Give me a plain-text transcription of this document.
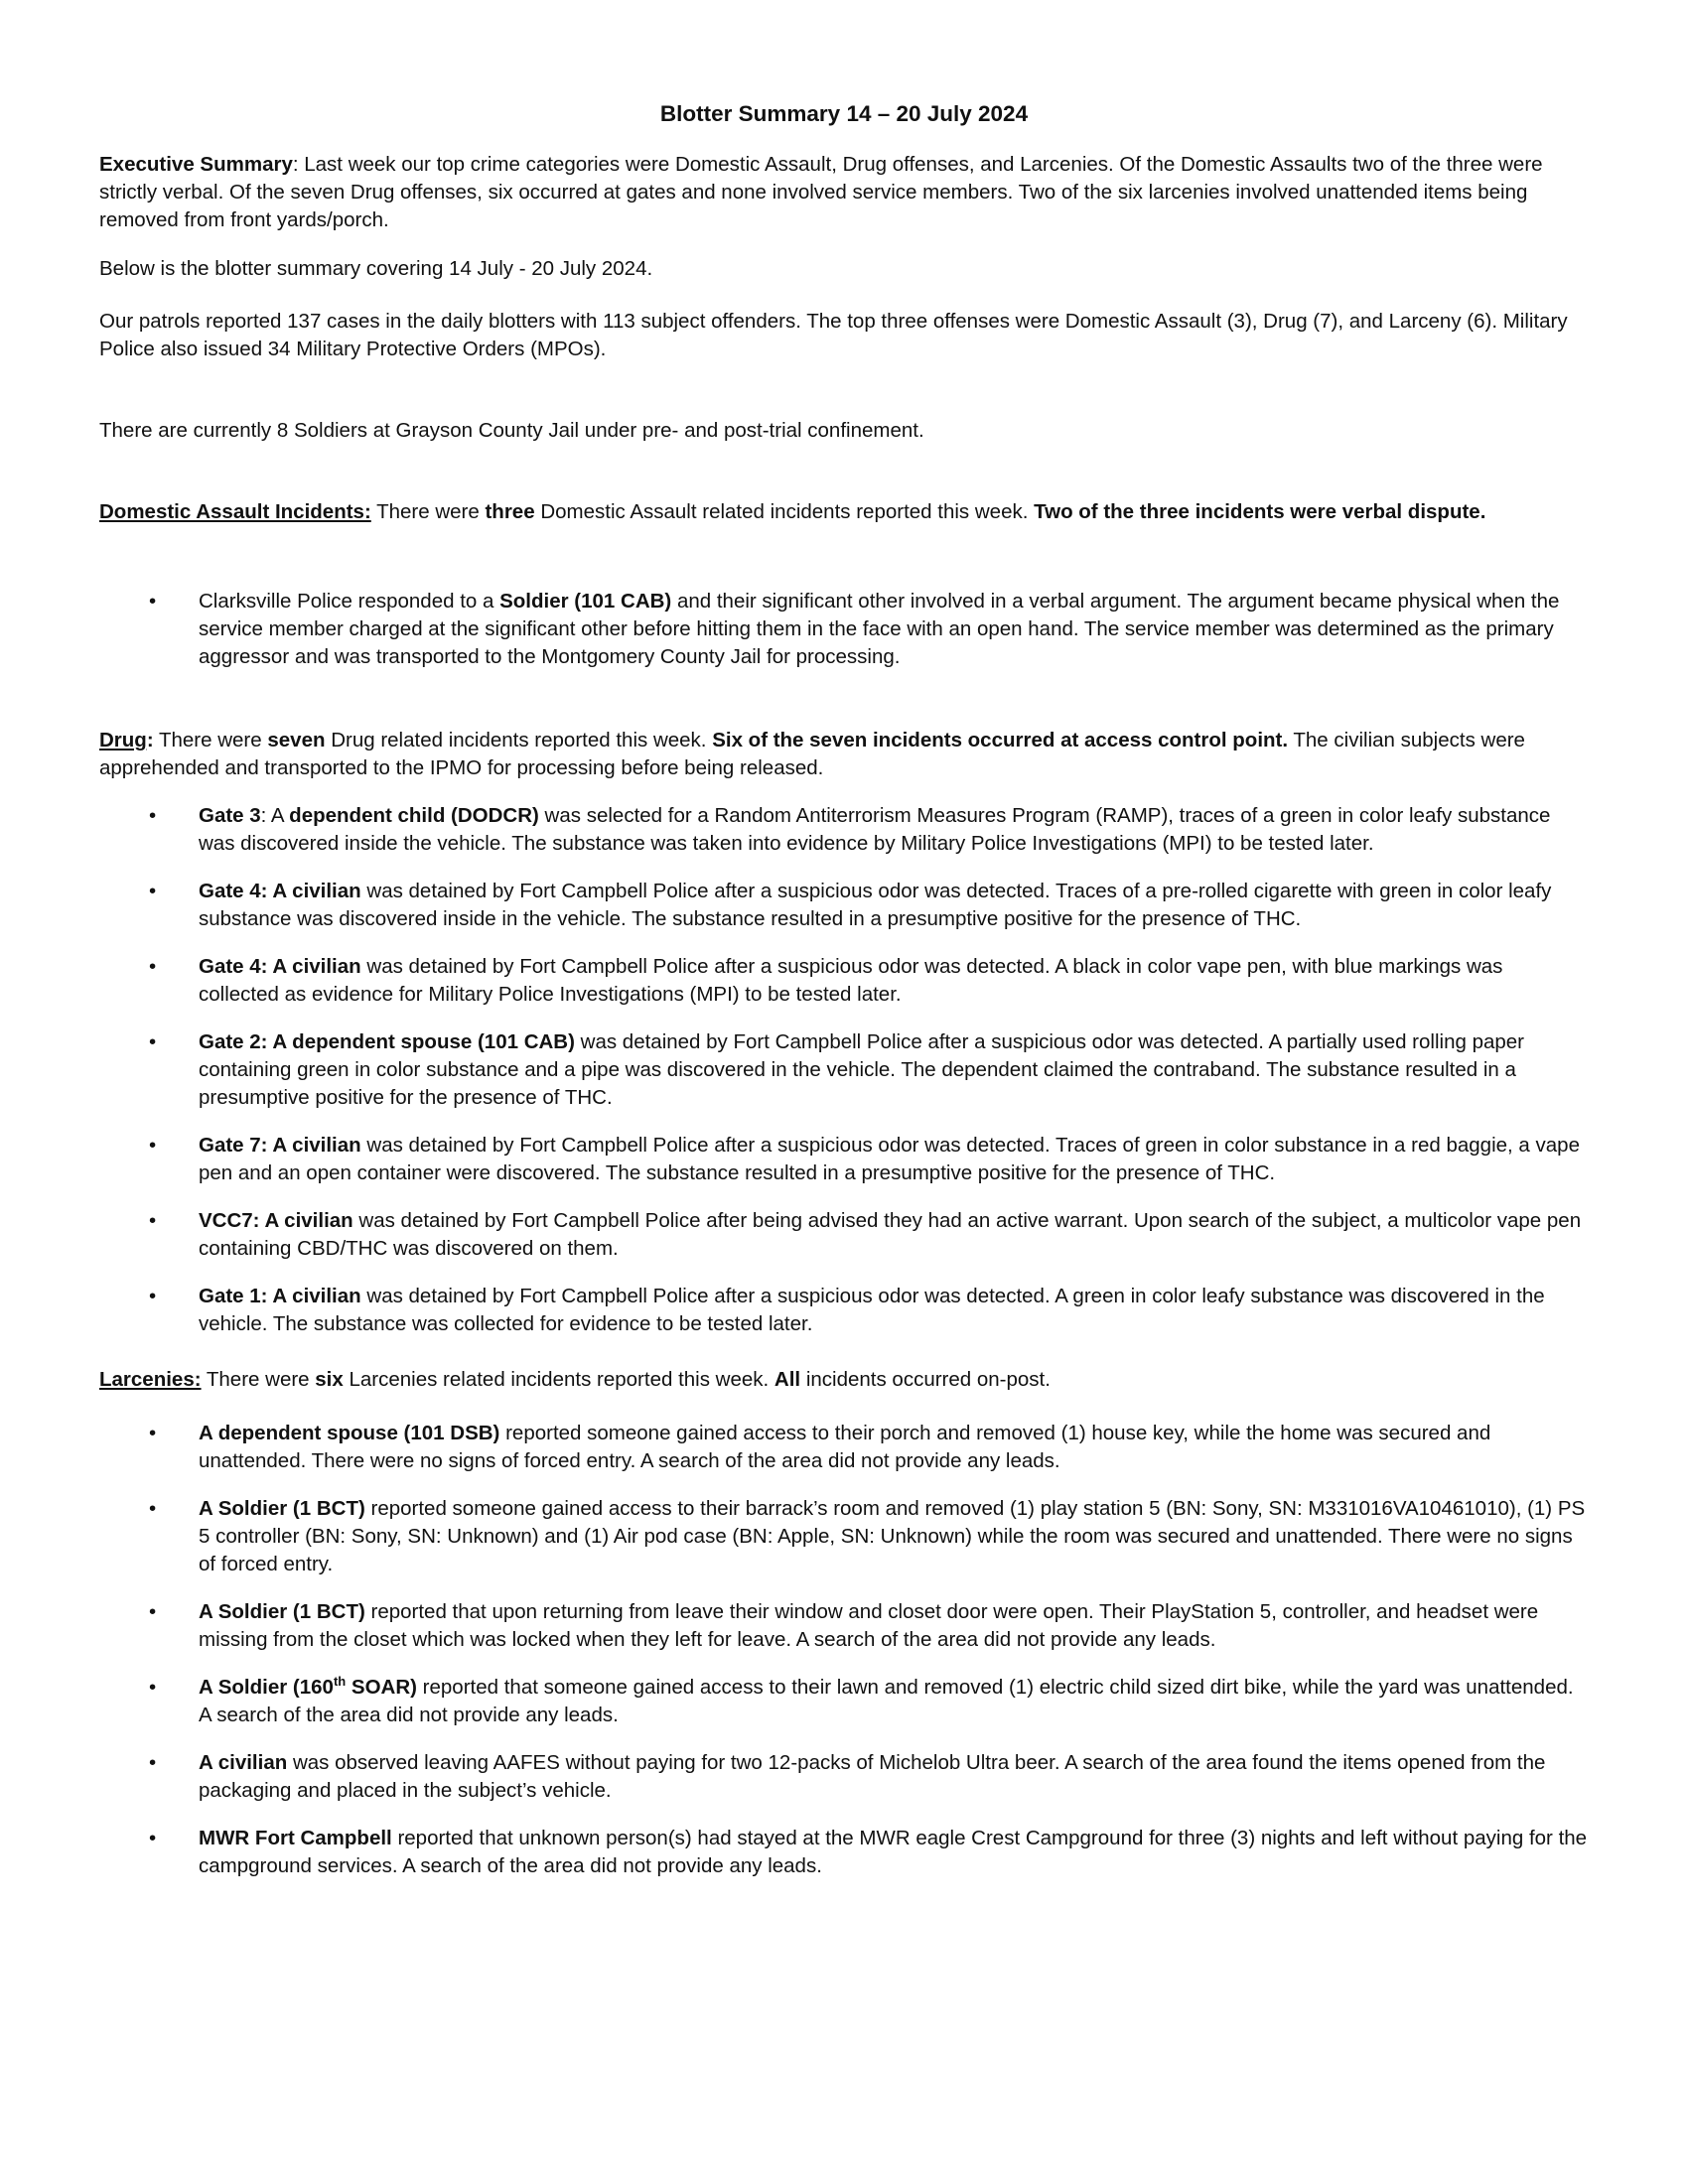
Blotter Summary 14 – 20 July 2024

Executive Summary: Last week our top crime categories were Domestic Assault, Drug offenses, and Larcenies. Of the Domestic Assaults two of the three were strictly verbal. Of the seven Drug offenses, six occurred at gates and none involved service members. Two of the six larcenies involved unattended items being removed from front yards/porch.

Below is the blotter summary covering 14 July - 20 July 2024.

Our patrols reported 137 cases in the daily blotters with 113 subject offenders. The top three offenses were Domestic Assault (3), Drug (7), and Larceny (6). Military Police also issued 34 Military Protective Orders (MPOs).

There are currently 8 Soldiers at Grayson County Jail under pre- and post-trial confinement.

Domestic Assault Incidents: There were three Domestic Assault related incidents reported this week. Two of the three incidents were verbal dispute.

• Clarksville Police responded to a Soldier (101 CAB) and their significant other involved in a verbal argument. The argument became physical when the service member charged at the significant other before hitting them in the face with an open hand. The service member was determined as the primary aggressor and was transported to the Montgomery County Jail for processing.

Drug: There were seven Drug related incidents reported this week. Six of the seven incidents occurred at access control point. The civilian subjects were apprehended and transported to the IPMO for processing before being released.

• Gate 3: A dependent child (DODCR) was selected for a Random Antiterrorism Measures Program (RAMP), traces of a green in color leafy substance was discovered inside the vehicle. The substance was taken into evidence by Military Police Investigations (MPI) to be tested later.
• Gate 4: A civilian was detained by Fort Campbell Police after a suspicious odor was detected. Traces of a pre-rolled cigarette with green in color leafy substance was discovered inside in the vehicle. The substance resulted in a presumptive positive for the presence of THC.
• Gate 4: A civilian was detained by Fort Campbell Police after a suspicious odor was detected. A black in color vape pen, with blue markings was collected as evidence for Military Police Investigations (MPI) to be tested later.
• Gate 2: A dependent spouse (101 CAB) was detained by Fort Campbell Police after a suspicious odor was detected. A partially used rolling paper containing green in color substance and a pipe was discovered in the vehicle. The dependent claimed the contraband. The substance resulted in a presumptive positive for the presence of THC.
• Gate 7: A civilian was detained by Fort Campbell Police after a suspicious odor was detected. Traces of green in color substance in a red baggie, a vape pen and an open container were discovered. The substance resulted in a presumptive positive for the presence of THC.
• VCC7: A civilian was detained by Fort Campbell Police after being advised they had an active warrant. Upon search of the subject, a multicolor vape pen containing CBD/THC was discovered on them.
• Gate 1: A civilian was detained by Fort Campbell Police after a suspicious odor was detected. A green in color leafy substance was discovered in the vehicle. The substance was collected for evidence to be tested later.

Larcenies: There were six Larcenies related incidents reported this week. All incidents occurred on-post.

• A dependent spouse (101 DSB) reported someone gained access to their porch and removed (1) house key, while the home was secured and unattended. There were no signs of forced entry. A search of the area did not provide any leads.
• A Soldier (1 BCT) reported someone gained access to their barrack’s room and removed (1) play station 5 (BN: Sony, SN: M331016VA10461010), (1) PS 5 controller (BN: Sony, SN: Unknown) and (1) Air pod case (BN: Apple, SN: Unknown) while the room was secured and unattended. There were no signs of forced entry.
• A Soldier (1 BCT) reported that upon returning from leave their window and closet door were open. Their PlayStation 5, controller, and headset were missing from the closet which was locked when they left for leave. A search of the area did not provide any leads.
• A Soldier (160th SOAR) reported that someone gained access to their lawn and removed (1) electric child sized dirt bike, while the yard was unattended. A search of the area did not provide any leads.
• A civilian was observed leaving AAFES without paying for two 12-packs of Michelob Ultra beer. A search of the area found the items opened from the packaging and placed in the subject’s vehicle.
• MWR Fort Campbell reported that unknown person(s) had stayed at the MWR eagle Crest Campground for three (3) nights and left without paying for the campground services. A search of the area did not provide any leads.
